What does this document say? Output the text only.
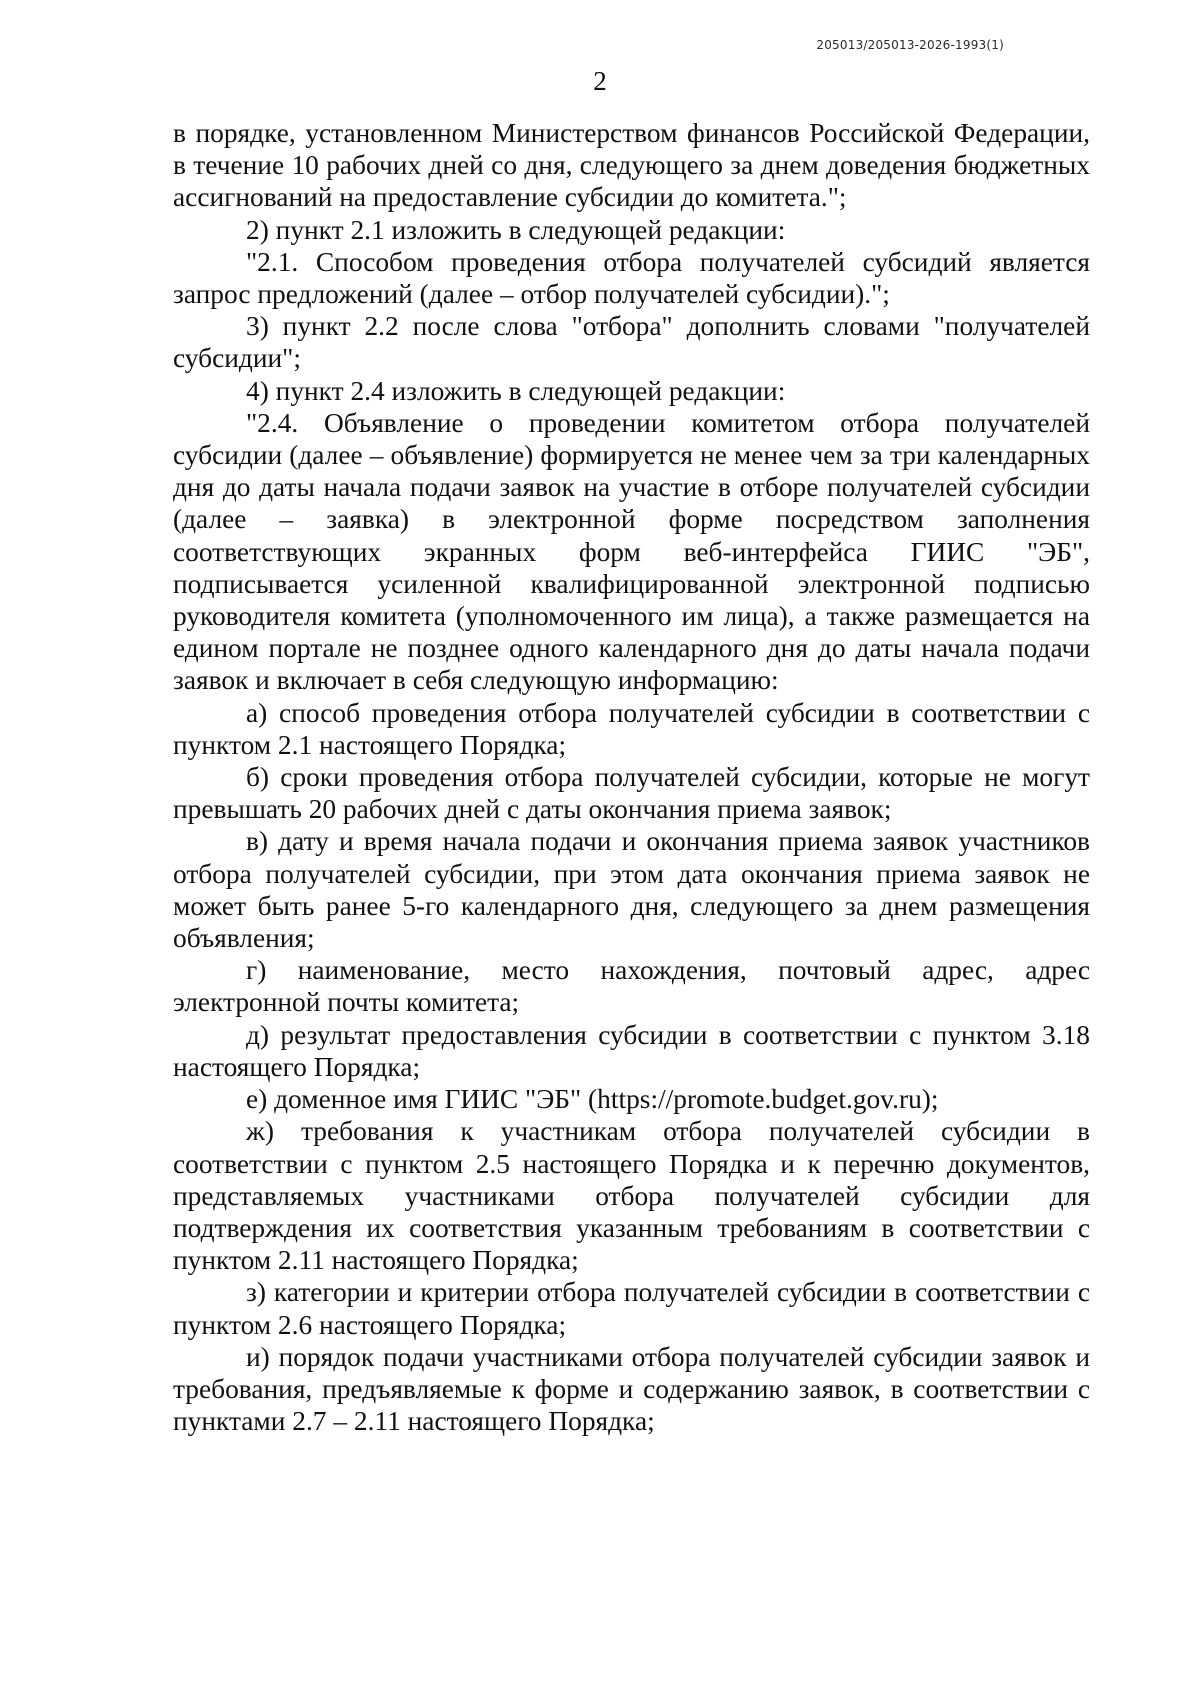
205013/205013-2026-1993(1)
2

в порядке, установленном Министерством финансов Российской Федерации, в течение 10 рабочих дней со дня, следующего за днем доведения бюджетных ассигнований на предоставление субсидии до комитета.";

2) пункт 2.1 изложить в следующей редакции:

"2.1. Способом проведения отбора получателей субсидий является запрос предложений (далее – отбор получателей субсидии).";

3) пункт 2.2 после слова "отбора" дополнить словами "получателей субсидии";

4) пункт 2.4 изложить в следующей редакции:

"2.4. Объявление о проведении комитетом отбора получателей субсидии (далее – объявление) формируется не менее чем за три календарных дня до даты начала подачи заявок на участие в отборе получателей субсидии (далее – заявка) в электронной форме посредством заполнения соответствующих экранных форм веб-интерфейса ГИИС "ЭБ", подписывается усиленной квалифицированной электронной подписью руководителя комитета (уполномоченного им лица), а также размещается на едином портале не позднее одного календарного дня до даты начала подачи заявок и включает в себя следующую информацию:

а) способ проведения отбора получателей субсидии в соответствии с пунктом 2.1 настоящего Порядка;

б) сроки проведения отбора получателей субсидии, которые не могут превышать 20 рабочих дней с даты окончания приема заявок;

в) дату и время начала подачи и окончания приема заявок участников отбора получателей субсидии, при этом дата окончания приема заявок не может быть ранее 5-го календарного дня, следующего за днем размещения объявления;

г) наименование, место нахождения, почтовый адрес, адрес электронной почты комитета;

д) результат предоставления субсидии в соответствии с пунктом 3.18 настоящего Порядка;

е) доменное имя ГИИС "ЭБ" (https://promote.budget.gov.ru);

ж) требования к участникам отбора получателей субсидии в соответствии с пунктом 2.5 настоящего Порядка и к перечню документов, представляемых участниками отбора получателей субсидии для подтверждения их соответствия указанным требованиям в соответствии с пунктом 2.11 настоящего Порядка;

з) категории и критерии отбора получателей субсидии в соответствии с пунктом 2.6 настоящего Порядка;

и) порядок подачи участниками отбора получателей субсидии заявок и требования, предъявляемые к форме и содержанию заявок, в соответствии с пунктами 2.7 – 2.11 настоящего Порядка;
